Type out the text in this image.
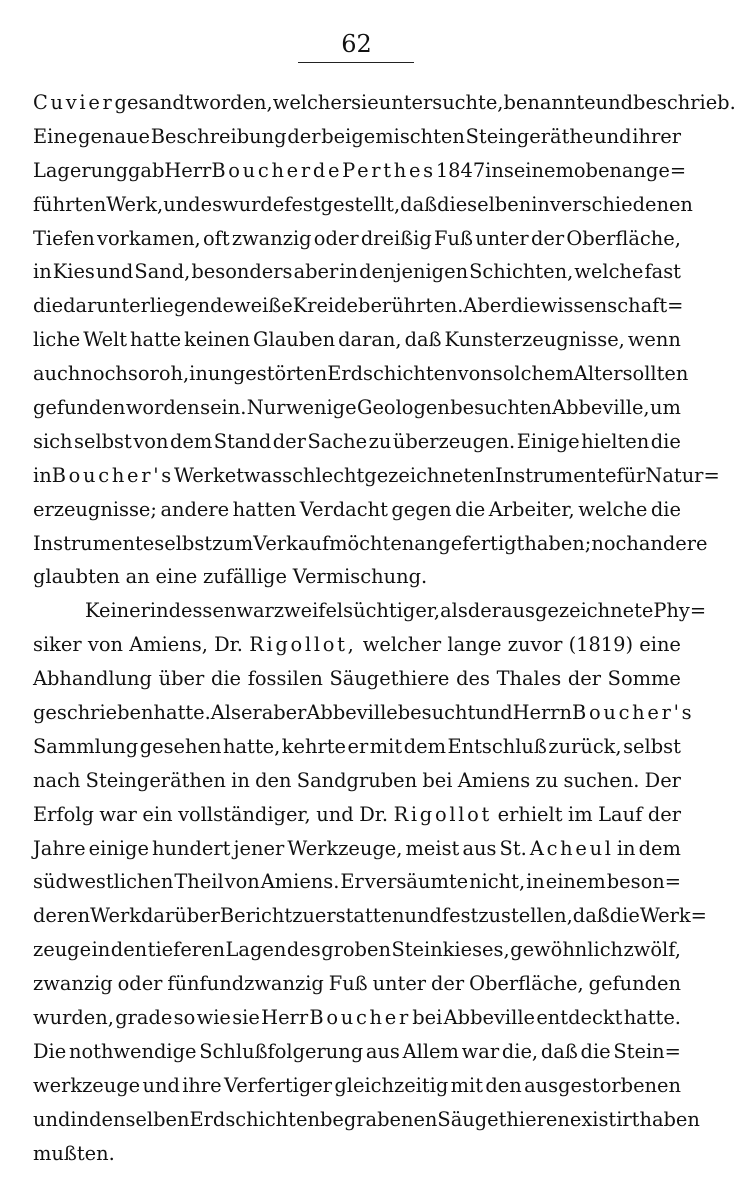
62
Cuvier gesandt worden, welcher sie untersuchte, benannte und beschrieb.
Eine genaue Beschreibung der beigemischten Steingeräthe und ihrer
Lagerung gab Herr Boucher de Perthes 1847 in seinem oben ange=
führten Werk, und es wurde festgestellt, daß dieselben in verschiedenen
Tiefen vorkamen, oft zwanzig oder dreißig Fuß unter der Oberfläche,
in Kies und Sand, besonders aber in denjenigen Schichten, welche fast
die darunterliegende weiße Kreide berührten. Aber die wissenschaft=
liche Welt hatte keinen Glauben daran, daß Kunsterzeugnisse, wenn
auch noch so roh, in ungestörten Erdschichten von solchem Alter sollten
gefunden worden sein. Nur wenige Geologen besuchten Abbeville, um
sich selbst von dem Stand der Sache zu überzeugen. Einige hielten die
in Boucher's Werk etwas schlecht gezeichneten Instrumente für Natur=
erzeugnisse; andere hatten Verdacht gegen die Arbeiter, welche die
Instrumente selbst zum Verkauf möchten angefertigt haben; noch andere
glaubten an eine zufällige Vermischung.
Keiner indessen war zweifelsüchtiger, als der ausgezeichnete Phy=
siker von Amiens, Dr. Rigollot, welcher lange zuvor (1819) eine
Abhandlung über die fossilen Säugethiere des Thales der Somme
geschrieben hatte. Als er aber Abbeville besucht und Herrn Boucher's
Sammlung gesehen hatte, kehrte er mit dem Entschluß zurück, selbst
nach Steingeräthen in den Sandgruben bei Amiens zu suchen. Der
Erfolg war ein vollständiger, und Dr. Rigollot erhielt im Lauf der
Jahre einige hundert jener Werkzeuge, meist aus St. Acheul in dem
südwestlichen Theil von Amiens. Er versäumte nicht, in einem beson=
deren Werk darüber Bericht zu erstatten und festzustellen, daß die Werk=
zeuge in den tieferen Lagen des groben Steinkieses, gewöhnlich zwölf,
zwanzig oder fünfundzwanzig Fuß unter der Oberfläche, gefunden
wurden, grade so wie sie Herr Boucher bei Abbeville entdeckt hatte.
Die nothwendige Schlußfolgerung aus Allem war die, daß die Stein=
werkzeuge und ihre Verfertiger gleichzeitig mit den ausgestorbenen
und in denselben Erdschichten begrabenen Säugethieren existirt haben
mußten.
